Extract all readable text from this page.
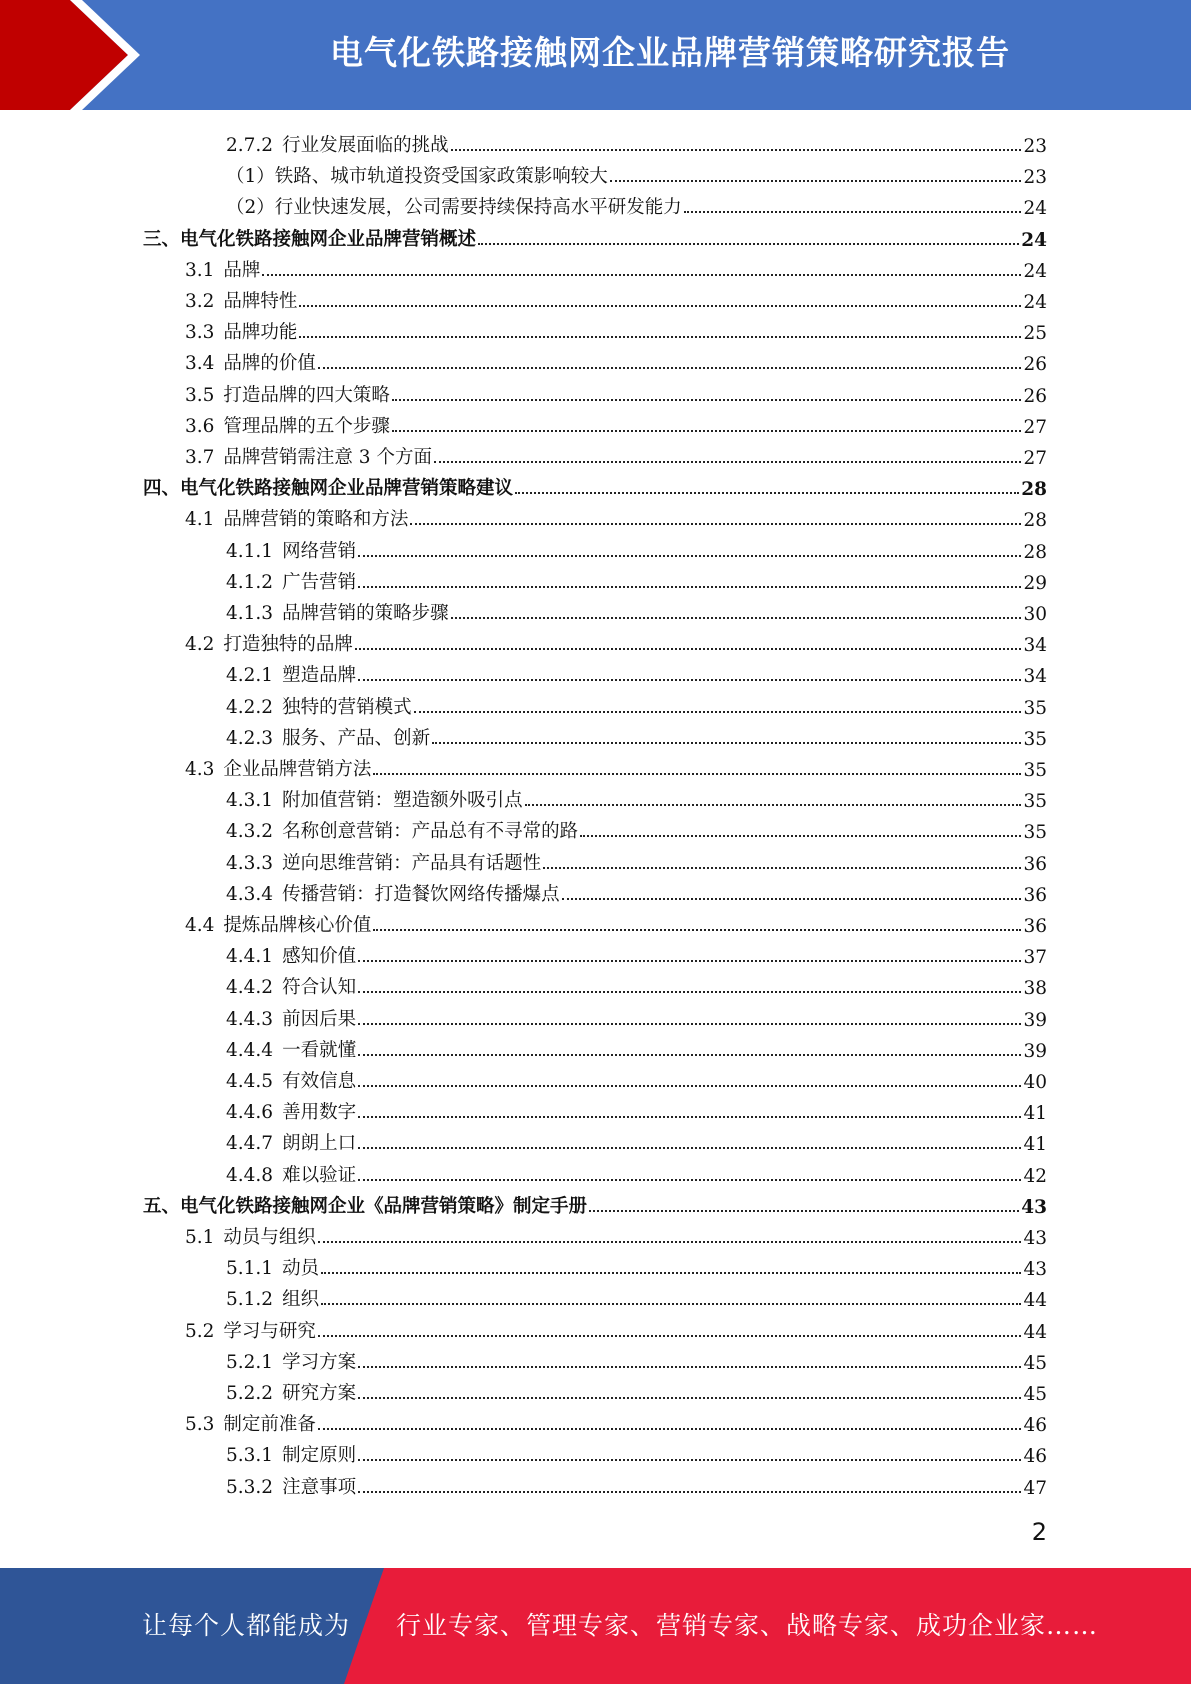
电气化铁路接触网企业品牌营销策略研究报告
2.7.2 行业发展面临的挑战	23
（1）铁路、城市轨道投资受国家政策影响较大	23
（2）行业快速发展，公司需要持续保持高水平研发能力	24
三、电气化铁路接触网企业品牌营销概述	24
3.1 品牌	24
3.2 品牌特性	24
3.3 品牌功能	25
3.4 品牌的价值	26
3.5 打造品牌的四大策略	26
3.6 管理品牌的五个步骤	27
3.7 品牌营销需注意 3 个方面	27
四、电气化铁路接触网企业品牌营销策略建议	28
4.1 品牌营销的策略和方法	28
4.1.1 网络营销	28
4.1.2 广告营销	29
4.1.3 品牌营销的策略步骤	30
4.2 打造独特的品牌	34
4.2.1 塑造品牌	34
4.2.2 独特的营销模式	35
4.2.3 服务、产品、创新	35
4.3 企业品牌营销方法	35
4.3.1 附加值营销：塑造额外吸引点	35
4.3.2 名称创意营销：产品总有不寻常的路	35
4.3.3 逆向思维营销：产品具有话题性	36
4.3.4 传播营销：打造餐饮网络传播爆点	36
4.4 提炼品牌核心价值	36
4.4.1 感知价值	37
4.4.2 符合认知	38
4.4.3 前因后果	39
4.4.4 一看就懂	39
4.4.5 有效信息	40
4.4.6 善用数字	41
4.4.7 朗朗上口	41
4.4.8 难以验证	42
五、电气化铁路接触网企业《品牌营销策略》制定手册	43
5.1 动员与组织	43
5.1.1 动员	43
5.1.2 组织	44
5.2 学习与研究	44
5.2.1 学习方案	45
5.2.2 研究方案	45
5.3 制定前准备	46
5.3.1 制定原则	46
5.3.2 注意事项	47
2
让每个人都能成为 行业专家、管理专家、营销专家、战略专家、成功企业家……
